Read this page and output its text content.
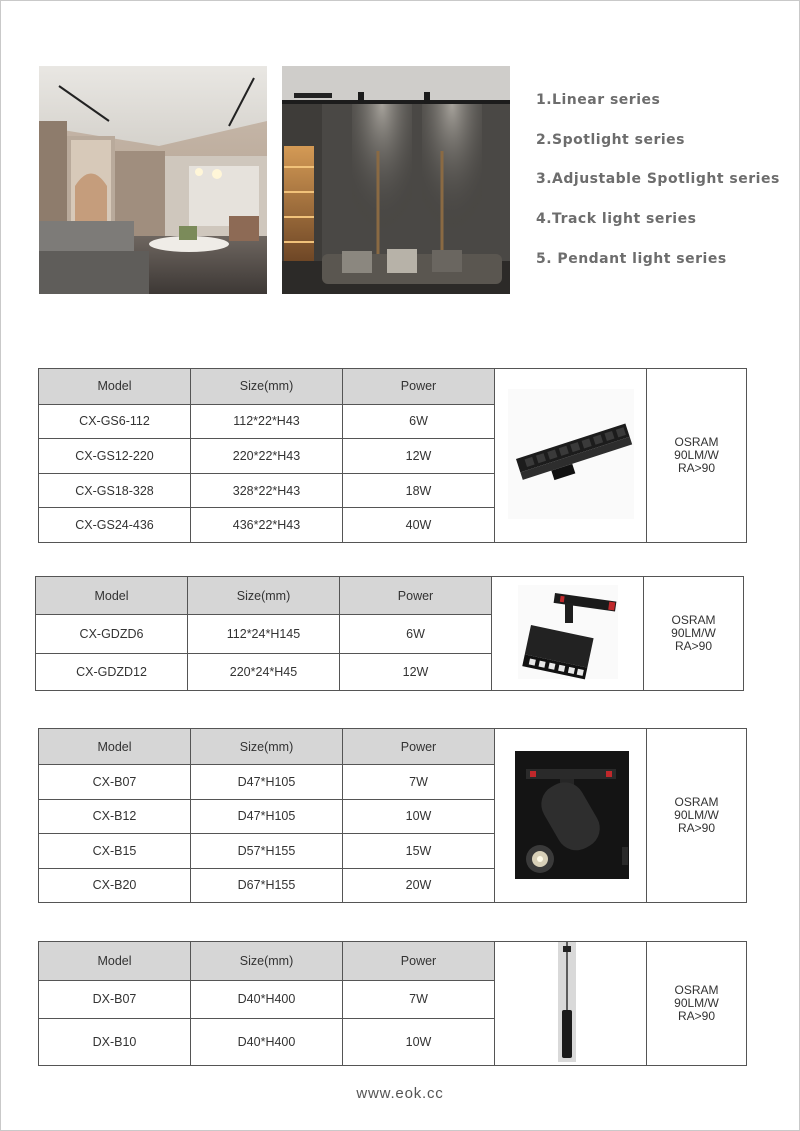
1.Linear series
2.Spotlight series
3.Adjustable Spotlight series
4.Track light series
5. Pendant light series
Model	Size(mm)	Power		OSRAM
90LM/W
RA>90

CX-GS6-112	112*22*H43	6W		
CX-GS12-220	220*22*H43	12W		
CX-GS18-328	328*22*H43	18W		
CX-GS24-436	436*22*H43	40W		
Model	Size(mm)	Power		OSRAM
90LM/W
RA>90

CX-GDZD6	112*24*H145	6W		
CX-GDZD12	220*24*H45	12W		
Model	Size(mm)	Power		OSRAM
90LM/W
RA>90

CX-B07	D47*H105	7W		
CX-B12	D47*H105	10W		
CX-B15	D57*H155	15W		
CX-B20	D67*H155	20W		
Model	Size(mm)	Power		OSRAM
90LM/W
RA>90

DX-B07	D40*H400	7W		
DX-B10	D40*H400	10W		
www.eok.cc
